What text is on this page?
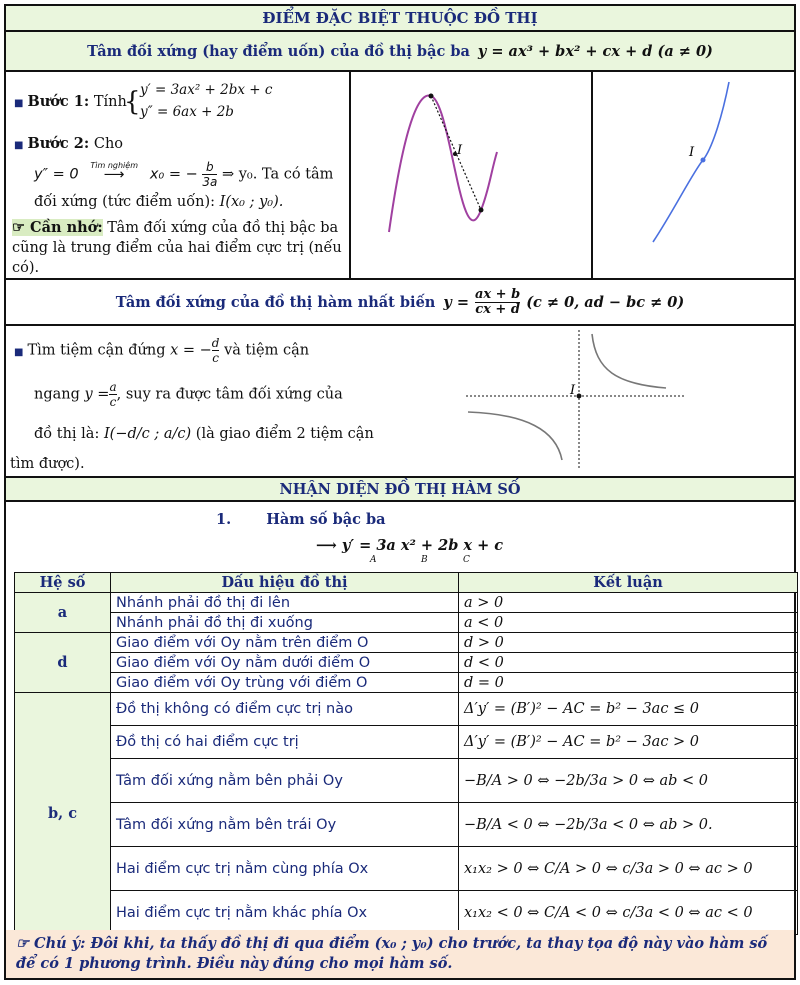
ĐIỂM ĐẶC BIỆT THUỘC ĐỒ THỊ
Tâm đối xứng (hay điểm uốn) của đồ thị bậc ba y = ax³ + bx² + cx + d (a ≠ 0)
■ Bước 1: Tính
{ y′ = 3ax² + 2bx + c
y″ = 6ax + 2b
■ Bước 2: Cho
y″ = 0
Tìm nghiệm
⟶ x₀ = − $\frac{b}{3a}$ ⇒ y₀. Ta có tâm
đối xứng (tức điểm uốn): I(x₀ ; y₀).
☞ Cần nhớ: Tâm đối xứng của đồ thị bậc ba cũng là trung điểm của hai điểm cực trị (nếu có).
I	I
Tâm đối xứng của đồ thị hàm nhất biến $y = \frac{ax + b}{cx + d} (c \ne 0$, ad − bc ≠ 0)
■ Tìm tiệm cận đứng x = − $\frac{d}{c}$ và tiệm cận
ngang $y = \frac{a}{c}$ , suy ra được tâm đối xứng của
đồ thị là: I(−d/c ; a/c) (là giao điểm 2 tiệm cận
tìm được).
I
NHẬN DIỆN ĐỒ THỊ HÀM SỐ
1. Hàm số bậc ba
⟶ y′ = 3a x² + 2b x + c
A	B	C
Hệ số	Dấu hiệu đồ thị	Kết luận
a	Nhánh phải đồ thị đi lên	a > 0
	Nhánh phải đồ thị đi xuống	a < 0
d	Giao điểm với Oy nằm trên điểm O	d > 0
	Giao điểm với Oy nằm dưới điểm O	d < 0
	Giao điểm với Oy trùng với điểm O	d = 0
b, c	Đồ thị không có điểm cực trị nào	Δ′y′ = (B′)² − AC = b² − 3ac ≤ 0
	Đồ thị có hai điểm cực trị	Δ′y′ = (B′)² − AC = b² − 3ac > 0
	Tâm đối xứng nằm bên phải Oy	−B/A > 0 ⇔ −2b/3a > 0 ⇔ ab < 0
	Tâm đối xứng nằm bên trái Oy	−B/A < 0 ⇔ −2b/3a < 0 ⇔ ab > 0.
	Hai điểm cực trị nằm cùng phía Ox	x₁x₂ > 0 ⇔ C/A > 0 ⇔ c/3a > 0 ⇔ ac > 0
	Hai điểm cực trị nằm khác phía Ox	x₁x₂ < 0 ⇔ C/A < 0 ⇔ c/3a < 0 ⇔ ac < 0
☞ Chú ý: Đôi khi, ta thấy đồ thị đi qua điểm (x₀ ; y₀) cho trước, ta thay tọa độ này vào hàm số để có 1 phương trình. Điều này đúng cho mọi hàm số.
